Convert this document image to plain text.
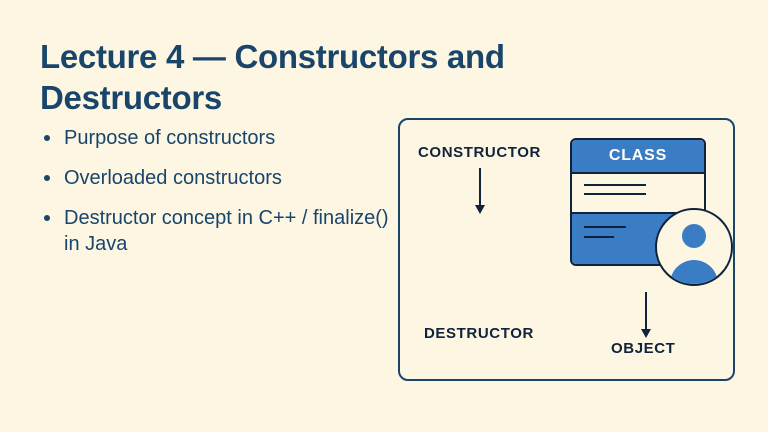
Lecture 4 — Constructors and Destructors
Purpose of constructors
Overloaded constructors
Destructor concept in C++ / finalize() in Java
CONSTRUCTOR
DESTRUCTOR
CLASS
OBJECT
